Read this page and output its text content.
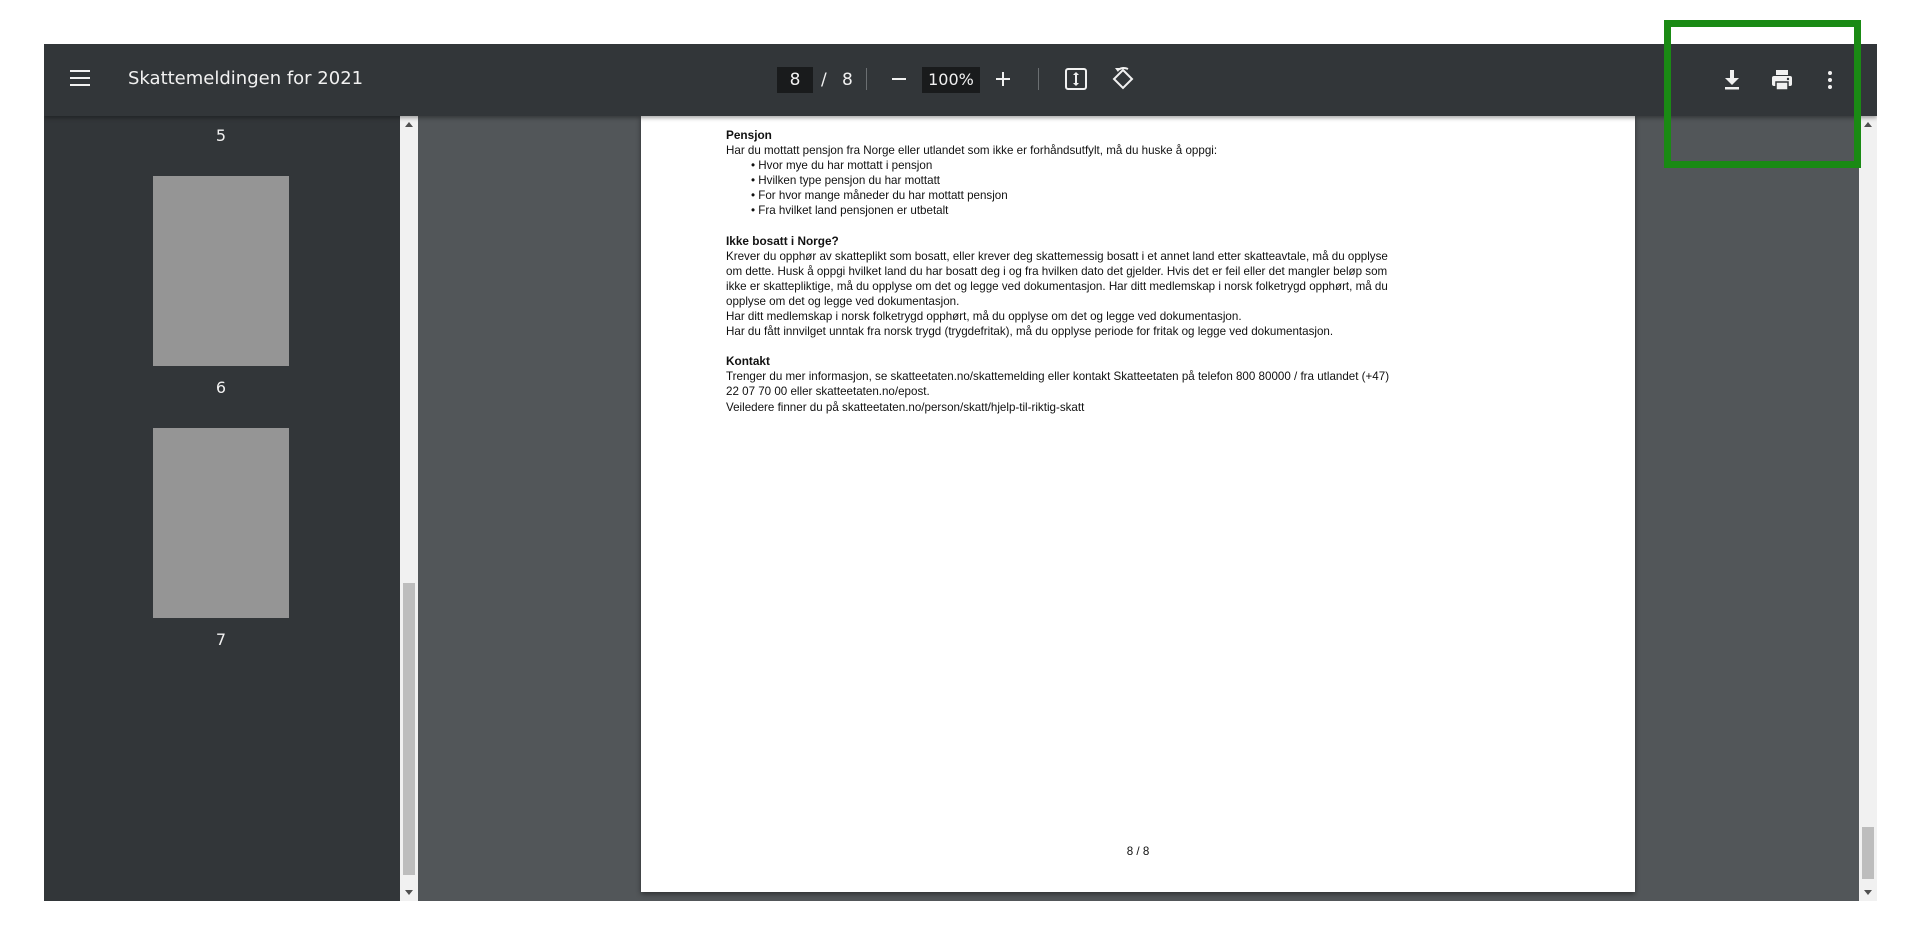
Skattemeldingen for 2021	8	/ 8	100%
5
6
7
Pensjon
Har du mottatt pensjon fra Norge eller utlandet som ikke er forhåndsutfylt, må du huske å oppgi:
• Hvor mye du har mottatt i pensjon
• Hvilken type pensjon du har mottatt
• For hvor mange måneder du har mottatt pensjon
• Fra hvilket land pensjonen er utbetalt
Ikke bosatt i Norge?
Krever du opphør av skatteplikt som bosatt, eller krever deg skattemessig bosatt i et annet land etter skatteavtale, må du opplyse
om dette. Husk å oppgi hvilket land du har bosatt deg i og fra hvilken dato det gjelder. Hvis det er feil eller det mangler beløp som
ikke er skattepliktige, må du opplyse om det og legge ved dokumentasjon. Har ditt medlemskap i norsk folketrygd opphørt, må du
opplyse om det og legge ved dokumentasjon.
Har ditt medlemskap i norsk folketrygd opphørt, må du opplyse om det og legge ved dokumentasjon.
Har du fått innvilget unntak fra norsk trygd (trygdefritak), må du opplyse periode for fritak og legge ved dokumentasjon.
Kontakt
Trenger du mer informasjon, se skatteetaten.no/skattemelding eller kontakt Skatteetaten på telefon 800 80000 / fra utlandet (+47)
22 07 70 00 eller skatteetaten.no/epost.
Veiledere finner du på skatteetaten.no/person/skatt/hjelp-til-riktig-skatt
8 / 8
